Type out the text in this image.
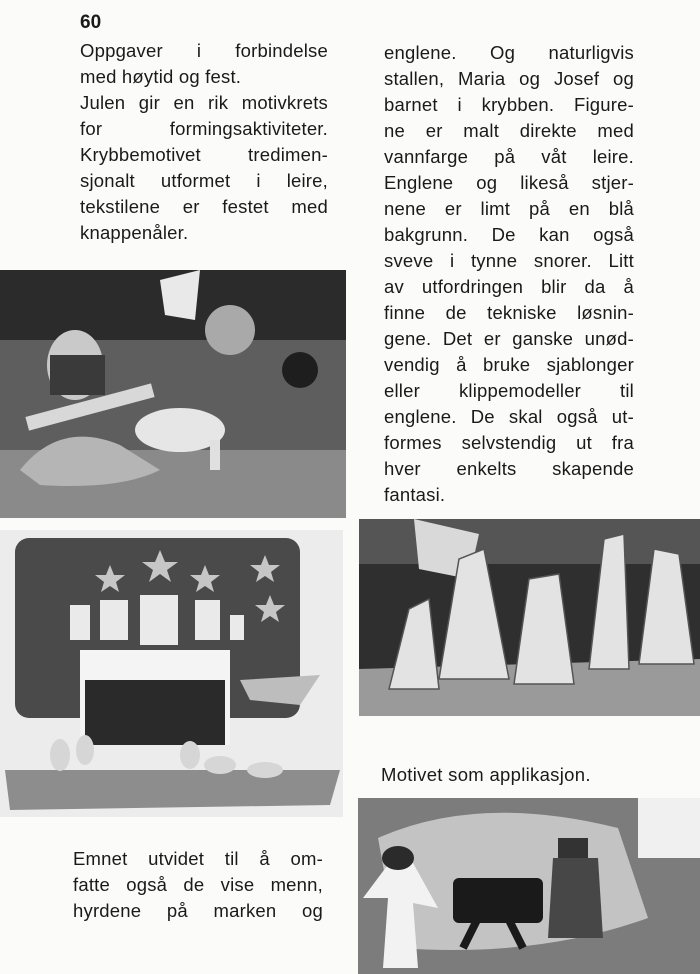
60
Oppgaver i forbindelse
med høytid og fest.
Julen gir en rik motivkrets
for formingsaktiviteter.
Krybbemotivet tredimen-
sjonalt utformet i leire,
tekstilene er festet med
knappenåler.
englene. Og naturligvis
stallen, Maria og Josef og
barnet i krybben. Figure-
ne er malt direkte med
vannfarge på våt leire.
Englene og likeså stjer-
nene er limt på en blå
bakgrunn. De kan også
sveve i tynne snorer. Litt
av utfordringen blir da å
finne de tekniske løsnin-
gene. Det er ganske unød-
vendig å bruke sjablonger
eller klippemodeller til
englene. De skal også ut-
formes selvstendig ut fra
hver enkelts skapende
fantasi.
Motivet som applikasjon.
Emnet utvidet til å om-
fatte også de vise menn,
hyrdene på marken og
